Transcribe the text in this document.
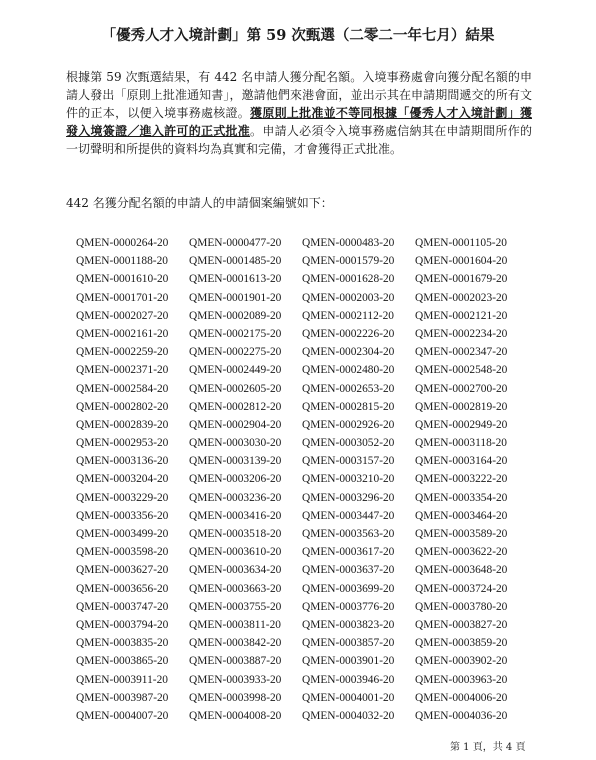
「優秀人才入境計劃」第 59 次甄選（二零二一年七月）結果
根據第 59 次甄選結果，有 442 名申請人獲分配名額。入境事務處會向獲分配名額的申請人發出「原則上批准通知書」，邀請他們來港會面，並出示其在申請期間遞交的所有文件的正本，以便入境事務處核證。獲原則上批准並不等同根據「優秀人才入境計劃」獲發入境簽證／進入許可的正式批准。申請人必須令入境事務處信納其在申請期間所作的一切聲明和所提供的資料均為真實和完備，才會獲得正式批准。
442 名獲分配名額的申請人的申請個案編號如下：
QMEN-0000264-20	QMEN-0000477-20	QMEN-0000483-20	QMEN-0001105-20
QMEN-0001188-20	QMEN-0001485-20	QMEN-0001579-20	QMEN-0001604-20
QMEN-0001610-20	QMEN-0001613-20	QMEN-0001628-20	QMEN-0001679-20
QMEN-0001701-20	QMEN-0001901-20	QMEN-0002003-20	QMEN-0002023-20
QMEN-0002027-20	QMEN-0002089-20	QMEN-0002112-20	QMEN-0002121-20
QMEN-0002161-20	QMEN-0002175-20	QMEN-0002226-20	QMEN-0002234-20
QMEN-0002259-20	QMEN-0002275-20	QMEN-0002304-20	QMEN-0002347-20
QMEN-0002371-20	QMEN-0002449-20	QMEN-0002480-20	QMEN-0002548-20
QMEN-0002584-20	QMEN-0002605-20	QMEN-0002653-20	QMEN-0002700-20
QMEN-0002802-20	QMEN-0002812-20	QMEN-0002815-20	QMEN-0002819-20
QMEN-0002839-20	QMEN-0002904-20	QMEN-0002926-20	QMEN-0002949-20
QMEN-0002953-20	QMEN-0003030-20	QMEN-0003052-20	QMEN-0003118-20
QMEN-0003136-20	QMEN-0003139-20	QMEN-0003157-20	QMEN-0003164-20
QMEN-0003204-20	QMEN-0003206-20	QMEN-0003210-20	QMEN-0003222-20
QMEN-0003229-20	QMEN-0003236-20	QMEN-0003296-20	QMEN-0003354-20
QMEN-0003356-20	QMEN-0003416-20	QMEN-0003447-20	QMEN-0003464-20
QMEN-0003499-20	QMEN-0003518-20	QMEN-0003563-20	QMEN-0003589-20
QMEN-0003598-20	QMEN-0003610-20	QMEN-0003617-20	QMEN-0003622-20
QMEN-0003627-20	QMEN-0003634-20	QMEN-0003637-20	QMEN-0003648-20
QMEN-0003656-20	QMEN-0003663-20	QMEN-0003699-20	QMEN-0003724-20
QMEN-0003747-20	QMEN-0003755-20	QMEN-0003776-20	QMEN-0003780-20
QMEN-0003794-20	QMEN-0003811-20	QMEN-0003823-20	QMEN-0003827-20
QMEN-0003835-20	QMEN-0003842-20	QMEN-0003857-20	QMEN-0003859-20
QMEN-0003865-20	QMEN-0003887-20	QMEN-0003901-20	QMEN-0003902-20
QMEN-0003911-20	QMEN-0003933-20	QMEN-0003946-20	QMEN-0003963-20
QMEN-0003987-20	QMEN-0003998-20	QMEN-0004001-20	QMEN-0004006-20
QMEN-0004007-20	QMEN-0004008-20	QMEN-0004032-20	QMEN-0004036-20
第 1 頁，共 4 頁
